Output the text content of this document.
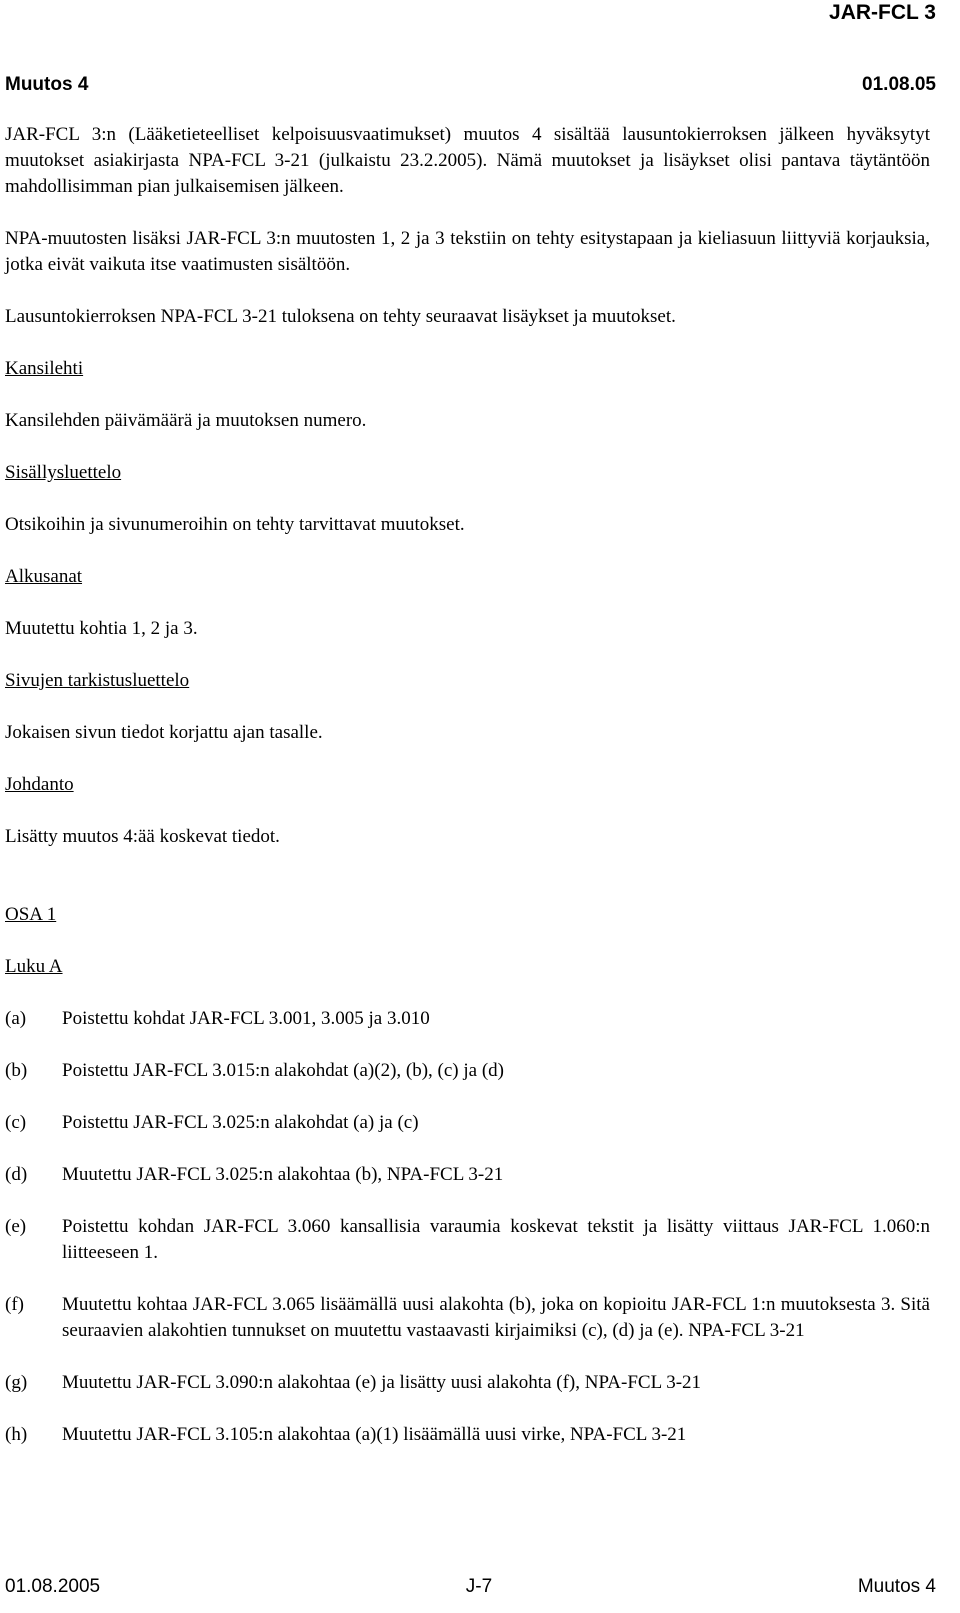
JAR-FCL 3
Muutos 4	01.08.05

JAR-FCL 3:n (Lääketieteelliset kelpoisuusvaatimukset) muutos 4 sisältää lausuntokierroksen jälkeen hyväksytyt muutokset asiakirjasta NPA-FCL 3-21 (julkaistu 23.2.2005). Nämä muutokset ja lisäykset olisi pantava täytäntöön mahdollisimman pian julkaisemisen jälkeen.

NPA-muutosten lisäksi JAR-FCL 3:n muutosten 1, 2 ja 3 tekstiin on tehty esitystapaan ja kieliasuun liittyviä korjauksia, jotka eivät vaikuta itse vaatimusten sisältöön.

Lausuntokierroksen NPA-FCL 3-21 tuloksena on tehty seuraavat lisäykset ja muutokset.

Kansilehti

Kansilehden päivämäärä ja muutoksen numero.

Sisällysluettelo

Otsikoihin ja sivunumeroihin on tehty tarvittavat muutokset.

Alkusanat

Muutettu kohtia 1, 2 ja 3.

Sivujen tarkistusluettelo

Jokaisen sivun tiedot korjattu ajan tasalle.

Johdanto

Lisätty muutos 4:ää koskevat tiedot.

OSA 1

Luku A

(a)	Poistettu kohdat JAR-FCL 3.001, 3.005 ja 3.010
(b)	Poistettu JAR-FCL 3.015:n alakohdat (a)(2), (b), (c) ja (d)
(c)	Poistettu JAR-FCL 3.025:n alakohdat (a) ja (c)
(d)	Muutettu JAR-FCL 3.025:n alakohtaa (b), NPA-FCL 3-21
(e)	Poistettu kohdan JAR-FCL 3.060 kansallisia varaumia koskevat tekstit ja lisätty viittaus JAR-FCL 1.060:n liitteeseen 1.
(f)	Muutettu kohtaa JAR-FCL 3.065 lisäämällä uusi alakohta (b), joka on kopioitu JAR-FCL 1:n muutoksesta 3. Sitä seuraavien alakohtien tunnukset on muutettu vastaavasti kirjaimiksi (c), (d) ja (e). NPA-FCL 3-21
(g)	Muutettu JAR-FCL 3.090:n alakohtaa (e) ja lisätty uusi alakohta (f), NPA-FCL 3-21
(h)	Muutettu JAR-FCL 3.105:n alakohtaa (a)(1) lisäämällä uusi virke, NPA-FCL 3-21
01.08.2005	J-7	Muutos 4
